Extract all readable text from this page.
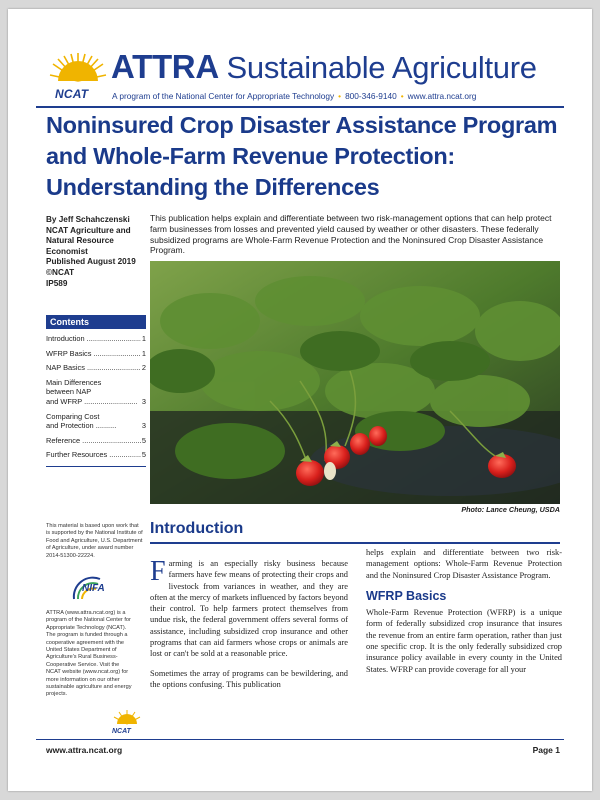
NCAT
ATTRA Sustainable Agriculture
A program of the National Center for Appropriate Technology • 800-346-9140 • www.attra.ncat.org
Noninsured Crop Disaster Assistance Program
and Whole-Farm Revenue Protection:
Understanding the Differences
By Jeff Schahczenski
NCAT Agriculture and
Natural Resource
Economist
Published August 2019
©NCAT
IP589
Contents
Introduction .....	1
WFRP Basics .....	1
NAP Basics .....	2
Main Differences
between NAP
and WFRP .......................... 3
Comparing Cost
and Protection ..........	3
Reference .....	5
Further Resources .....	5
This material is based upon work that is supported by the National Institute of Food and Agriculture, U.S. Department of Agriculture, under award number 2014-51300-22224.
NIFA
ATTRA (www.attra.ncat.org) is a program of the National Center for Appropriate Technology (NCAT). The program is funded through a cooperative agreement with the United States Department of Agriculture's Rural Business-Cooperative Service. Visit the NCAT website (www.ncat.org) for more information on our other sustainable agriculture and energy projects.
NCAT
This publication helps explain and differentiate between two risk-management options that can help protect farm businesses from losses and prevented yield caused by weather or other disasters. These federally subsidized programs are Whole-Farm Revenue Protection and the Noninsured Crop Disaster Assistance Program.
Photo: Lance Cheung, USDA
Introduction

Farming is an especially risky business because farmers have few means of protecting their crops and livestock from variances in weather, and they are often at the mercy of markets influenced by factors beyond their control. To help farmers protect themselves from undue risk, the federal government offers several forms of assistance, including subsidized crop insurance and other programs that can aid farmers whose crops or animals are lost or can't be sold at a reasonable price.

Sometimes the array of programs can be bewildering, and the options confusing. This publication

helps explain and differentiate between two risk-management options: Whole-Farm Revenue Protection and the Noninsured Crop Disaster Assistance Program.

WFRP Basics

Whole-Farm Revenue Protection (WFRP) is a unique form of federally subsidized crop insurance that insures the revenue from an entire farm operation, rather than just one specific crop. It is the only federally subsidized crop insurance policy available in every county in the United States. WFRP can provide coverage for all your

www.attra.ncat.org	Page 1
